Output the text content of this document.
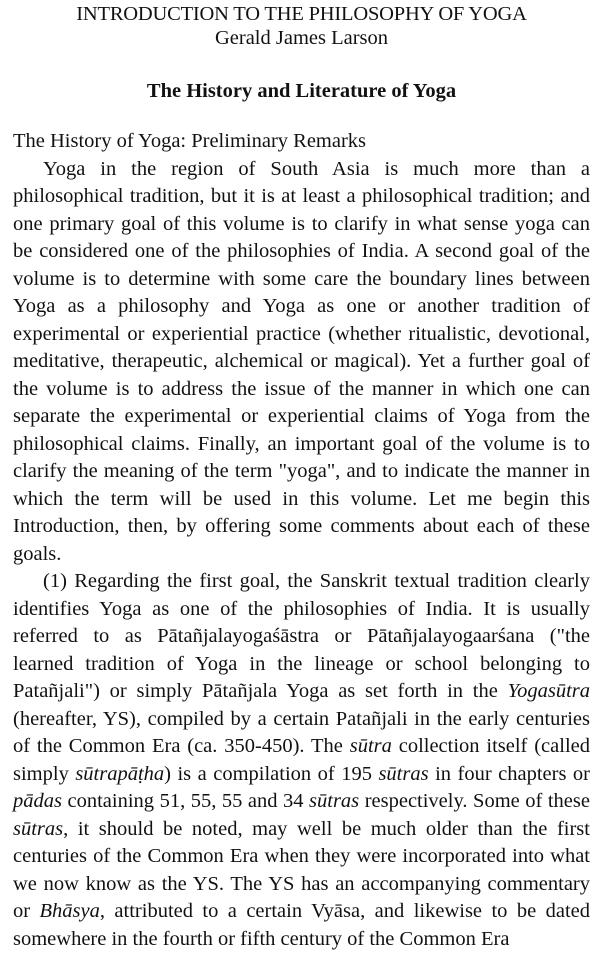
INTRODUCTION TO THE PHILOSOPHY OF YOGA
Gerald James Larson
The History and Literature of Yoga
The History of Yoga: Preliminary Remarks

Yoga in the region of South Asia is much more than a philosophical tradition, but it is at least a philosophical tradition; and one primary goal of this volume is to clarify in what sense yoga can be considered one of the philosophies of India. A second goal of the volume is to determine with some care the boundary lines between Yoga as a philosophy and Yoga as one or another tradition of experimental or experiential practice (whether ritualistic, devotional, meditative, therapeutic, alchemical or magical). Yet a further goal of the volume is to address the issue of the manner in which one can separate the experimental or experiential claims of Yoga from the philosophical claims. Finally, an important goal of the volume is to clarify the meaning of the term "yoga", and to indicate the manner in which the term will be used in this volume. Let me begin this Introduction, then, by offering some comments about each of these goals.

(1) Regarding the first goal, the Sanskrit textual tradition clearly identifies Yoga as one of the philosophies of India. It is usually referred to as Pātañjalayogaśāstra or Pātañjalayogaarśana ("the learned tradition of Yoga in the lineage or school belonging to Patañjali") or simply Pātañjala Yoga as set forth in the Yogasūtra (hereafter, YS), compiled by a certain Patañjali in the early centuries of the Common Era (ca. 350-450). The sūtra collection itself (called simply sūtrapāṭha) is a compilation of 195 sūtras in four chapters or pādas containing 51, 55, 55 and 34 sūtras respectively. Some of these sūtras, it should be noted, may well be much older than the first centuries of the Common Era when they were incorporated into what we now know as the YS. The YS has an accompanying commentary or Bhāsya, attributed to a certain Vyāsa, and likewise to be dated somewhere in the fourth or fifth century of the Common Era
